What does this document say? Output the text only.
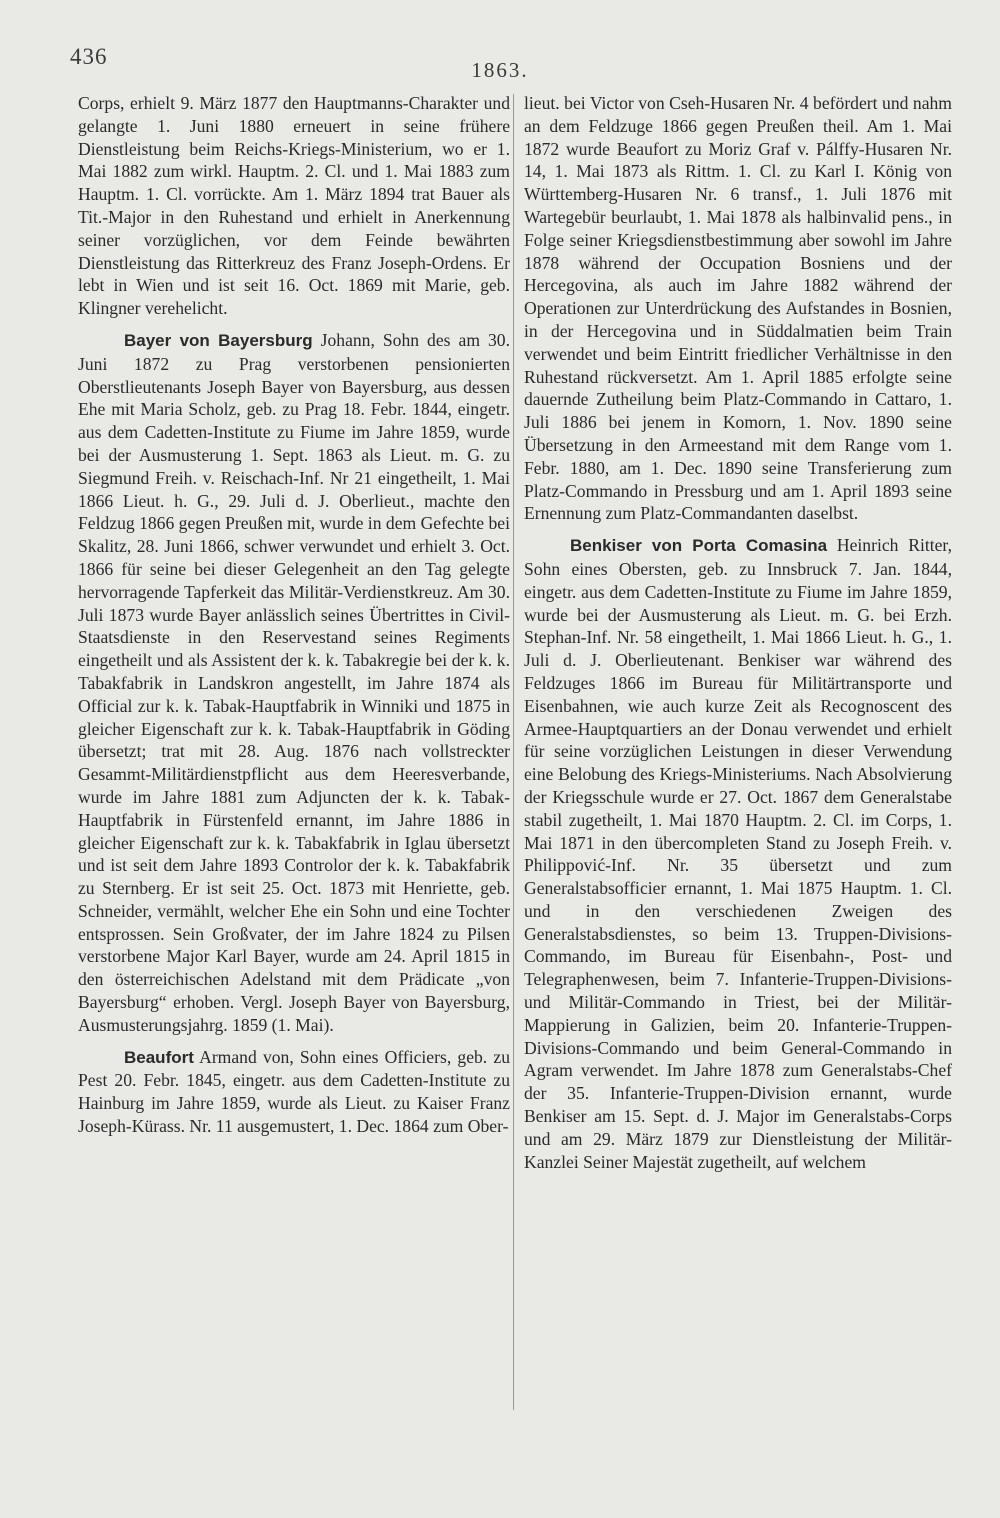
436
1863.

Corps, erhielt 9. März 1877 den Hauptmanns-Charakter und gelangte 1. Juni 1880 erneuert in seine frühere Dienstleistung beim Reichs-Kriegs-Ministerium, wo er 1. Mai 1882 zum wirkl. Hauptm. 2. Cl. und 1. Mai 1883 zum Hauptm. 1. Cl. vorrückte. Am 1. März 1894 trat Bauer als Tit.-Major in den Ruhestand und erhielt in Anerkennung seiner vorzüglichen, vor dem Feinde bewährten Dienstleistung das Ritterkreuz des Franz Joseph-Ordens. Er lebt in Wien und ist seit 16. Oct. 1869 mit Marie, geb. Klingner verehelicht.

Bayer von Bayersburg Johann, Sohn des am 30. Juni 1872 zu Prag verstorbenen pensionierten Oberstlieutenants Joseph Bayer von Bayersburg, aus dessen Ehe mit Maria Scholz, geb. zu Prag 18. Febr. 1844, eingetr. aus dem Cadetten-Institute zu Fiume im Jahre 1859, wurde bei der Ausmusterung 1. Sept. 1863 als Lieut. m. G. zu Siegmund Freih. v. Reischach-Inf. Nr 21 eingetheilt, 1. Mai 1866 Lieut. h. G., 29. Juli d. J. Oberlieut., machte den Feldzug 1866 gegen Preußen mit, wurde in dem Gefechte bei Skalitz, 28. Juni 1866, schwer verwundet und erhielt 3. Oct. 1866 für seine bei dieser Gelegenheit an den Tag gelegte hervorragende Tapferkeit das Militär-Verdienstkreuz. Am 30. Juli 1873 wurde Bayer anlässlich seines Übertrittes in Civil-Staatsdienste in den Reservestand seines Regiments eingetheilt und als Assistent der k. k. Tabakregie bei der k. k. Tabakfabrik in Landskron angestellt, im Jahre 1874 als Official zur k. k. Tabak-Hauptfabrik in Winniki und 1875 in gleicher Eigenschaft zur k. k. Tabak-Hauptfabrik in Göding übersetzt; trat mit 28. Aug. 1876 nach vollstreckter Gesammt-Militärdienstpflicht aus dem Heeresverbande, wurde im Jahre 1881 zum Adjuncten der k. k. Tabak-Hauptfabrik in Fürstenfeld ernannt, im Jahre 1886 in gleicher Eigenschaft zur k. k. Tabakfabrik in Iglau übersetzt und ist seit dem Jahre 1893 Controlor der k. k. Tabakfabrik zu Sternberg. Er ist seit 25. Oct. 1873 mit Henriette, geb. Schneider, vermählt, welcher Ehe ein Sohn und eine Tochter entsprossen. Sein Großvater, der im Jahre 1824 zu Pilsen verstorbene Major Karl Bayer, wurde am 24. April 1815 in den österreichischen Adelstand mit dem Prädicate „von Bayersburg“ erhoben. Vergl. Joseph Bayer von Bayersburg, Ausmusterungsjahrg. 1859 (1. Mai).

Beaufort Armand von, Sohn eines Officiers, geb. zu Pest 20. Febr. 1845, eingetr. aus dem Cadetten-Institute zu Hainburg im Jahre 1859, wurde als Lieut. zu Kaiser Franz Joseph-Kürass. Nr. 11 ausgemustert, 1. Dec. 1864 zum Ober-

lieut. bei Victor von Cseh-Husaren Nr. 4 befördert und nahm an dem Feldzuge 1866 gegen Preußen theil. Am 1. Mai 1872 wurde Beaufort zu Moriz Graf v. Pálffy-Husaren Nr. 14, 1. Mai 1873 als Rittm. 1. Cl. zu Karl I. König von Württemberg-Husaren Nr. 6 transf., 1. Juli 1876 mit Wartegebür beurlaubt, 1. Mai 1878 als halbinvalid pens., in Folge seiner Kriegsdienstbestimmung aber sowohl im Jahre 1878 während der Occupation Bosniens und der Hercegovina, als auch im Jahre 1882 während der Operationen zur Unterdrückung des Aufstandes in Bosnien, in der Hercegovina und in Süddalmatien beim Train verwendet und beim Eintritt friedlicher Verhältnisse in den Ruhestand rückversetzt. Am 1. April 1885 erfolgte seine dauernde Zutheilung beim Platz-Commando in Cattaro, 1. Juli 1886 bei jenem in Komorn, 1. Nov. 1890 seine Übersetzung in den Armeestand mit dem Range vom 1. Febr. 1880, am 1. Dec. 1890 seine Transferierung zum Platz-Commando in Pressburg und am 1. April 1893 seine Ernennung zum Platz-Commandanten daselbst.

Benkiser von Porta Comasina Heinrich Ritter, Sohn eines Obersten, geb. zu Innsbruck 7. Jan. 1844, eingetr. aus dem Cadetten-Institute zu Fiume im Jahre 1859, wurde bei der Ausmusterung als Lieut. m. G. bei Erzh. Stephan-Inf. Nr. 58 eingetheilt, 1. Mai 1866 Lieut. h. G., 1. Juli d. J. Oberlieutenant. Benkiser war während des Feldzuges 1866 im Bureau für Militärtransporte und Eisenbahnen, wie auch kurze Zeit als Recognoscent des Armee-Hauptquartiers an der Donau verwendet und erhielt für seine vorzüglichen Leistungen in dieser Verwendung eine Belobung des Kriegs-Ministeriums. Nach Absolvierung der Kriegsschule wurde er 27. Oct. 1867 dem Generalstabe stabil zugetheilt, 1. Mai 1870 Hauptm. 2. Cl. im Corps, 1. Mai 1871 in den übercompleten Stand zu Joseph Freih. v. Philippović-Inf. Nr. 35 übersetzt und zum Generalstabsofficier ernannt, 1. Mai 1875 Hauptm. 1. Cl. und in den verschiedenen Zweigen des Generalstabsdienstes, so beim 13. Truppen-Divisions-Commando, im Bureau für Eisenbahn-, Post- und Telegraphenwesen, beim 7. Infanterie-Truppen-Divisions- und Militär-Commando in Triest, bei der Militär-Mappierung in Galizien, beim 20. Infanterie-Truppen-Divisions-Commando und beim General-Commando in Agram verwendet. Im Jahre 1878 zum Generalstabs-Chef der 35. Infanterie-Truppen-Division ernannt, wurde Benkiser am 15. Sept. d. J. Major im Generalstabs-Corps und am 29. März 1879 zur Dienstleistung der Militär-Kanzlei Seiner Majestät zugetheilt, auf welchem
